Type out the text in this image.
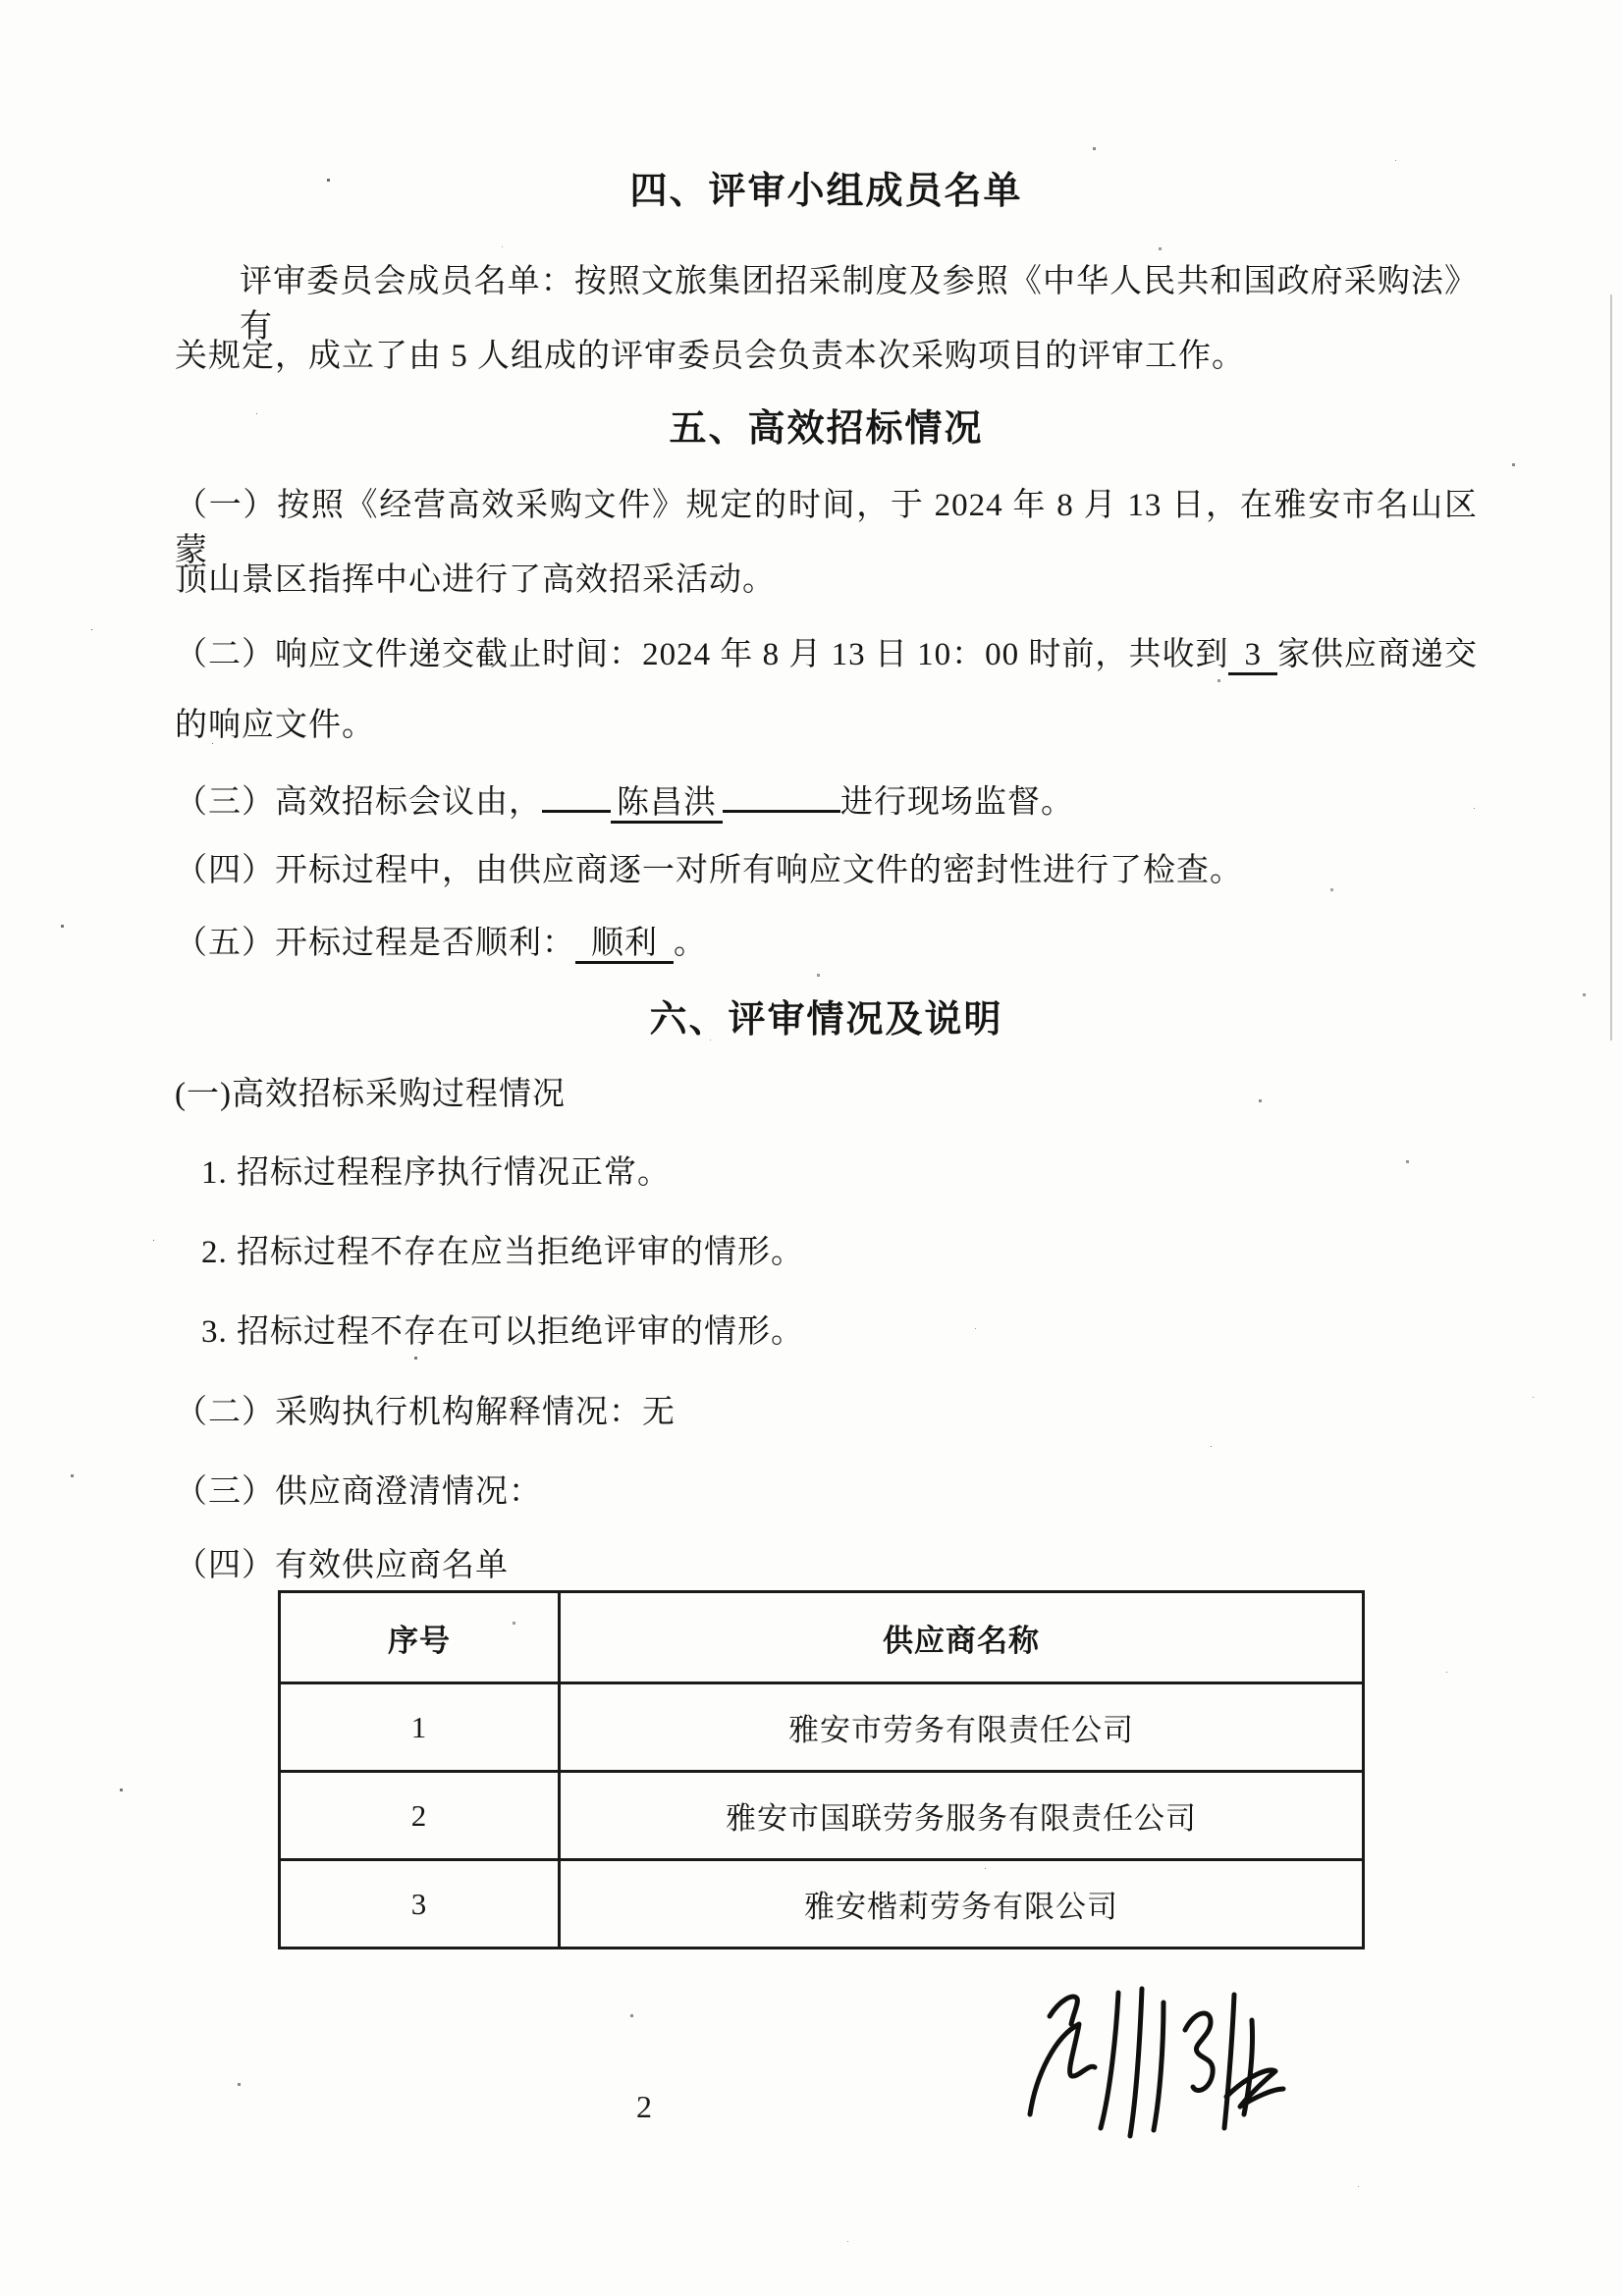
四、评审小组成员名单
评审委员会成员名单：按照文旅集团招采制度及参照《中华人民共和国政府采购法》有
关规定，成立了由 5 人组成的评审委员会负责本次采购项目的评审工作。
五、高效招标情况
（一）按照《经营高效采购文件》规定的时间，于 2024 年 8 月 13 日，在雅安市名山区蒙
顶山景区指挥中心进行了高效招采活动。
（二）响应文件递交截止时间：2024 年 8 月 13 日 10：00 时前，共收到 3 家供应商递交
的响应文件。
（三）高效招标会议由， 陈昌洪	进行现场监督。
（四）开标过程中，由供应商逐一对所有响应文件的密封性进行了检查。
（五）开标过程是否顺利： 顺利 。
六、评审情况及说明
(一)高效招标采购过程情况
1. 招标过程程序执行情况正常。
2. 招标过程不存在应当拒绝评审的情形。
3. 招标过程不存在可以拒绝评审的情形。
（二）采购执行机构解释情况：无
（三）供应商澄清情况：
（四）有效供应商名单
序号	供应商名称
1	雅安市劳务有限责任公司
2	雅安市国联劳务服务有限责任公司
3	雅安楷莉劳务有限公司
2
